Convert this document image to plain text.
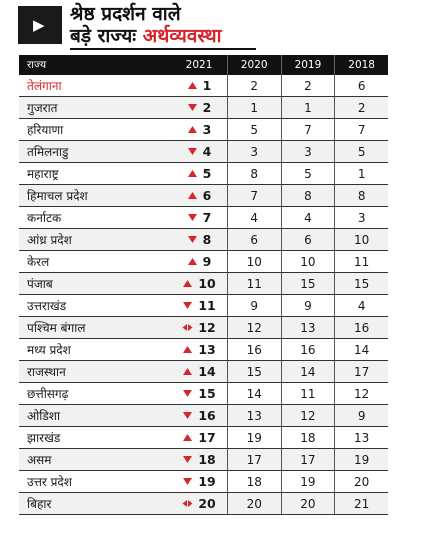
▶ श्रेष्ठ प्रदर्शन वाले
बड़े राज्यः अर्थव्यवस्था
राज्य	2021	2020	2019	2018
तेलंगाना	1	2	2	6
गुजरात	2	1	1	2
हरियाणा	3	5	7	7
तमिलनाडु	4	3	3	5
महाराष्ट्र	5	8	5	1
हिमाचल प्रदेश	6	7	8	8
कर्नाटक	7	4	4	3
आंध्र प्रदेश	8	6	6	10
केरल	9	10	10	11
पंजाब	10	11	15	15
उत्तराखंड	11	9	9	4
पश्चिम बंगाल	12	12	13	16
मध्य प्रदेश	13	16	16	14
राजस्थान	14	15	14	17
छत्तीसगढ़	15	14	11	12
ओडिशा	16	13	12	9
झारखंड	17	19	18	13
असम	18	17	17	19
उत्तर प्रदेश	19	18	19	20
बिहार	20	20	20	21
